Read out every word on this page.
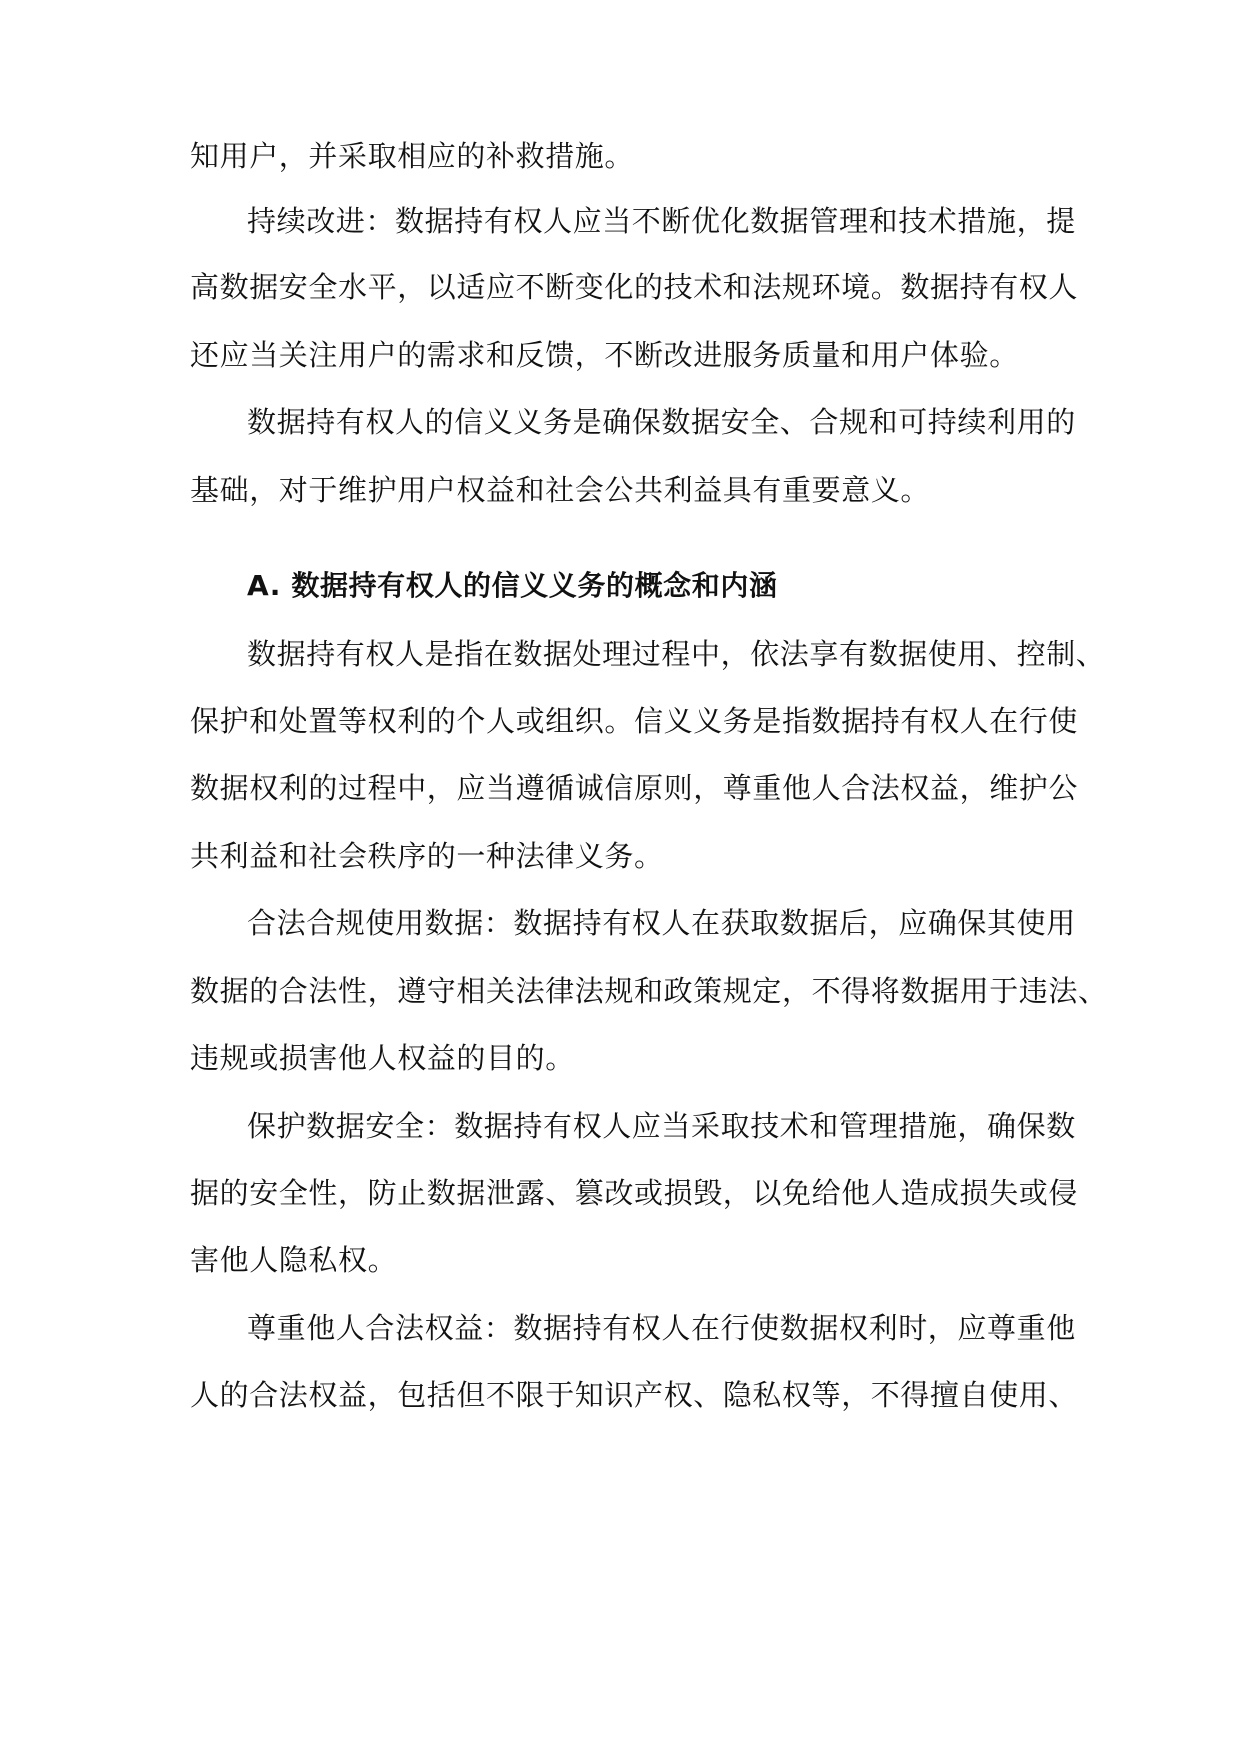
知用户，并采取相应的补救措施。
持续改进：数据持有权人应当不断优化数据管理和技术措施，提
高数据安全水平，以适应不断变化的技术和法规环境。数据持有权人
还应当关注用户的需求和反馈，不断改进服务质量和用户体验。
数据持有权人的信义义务是确保数据安全、合规和可持续利用的
基础，对于维护用户权益和社会公共利益具有重要意义。
A. 数据持有权人的信义义务的概念和内涵
数据持有权人是指在数据处理过程中，依法享有数据使用、控制、
保护和处置等权利的个人或组织。信义义务是指数据持有权人在行使
数据权利的过程中，应当遵循诚信原则，尊重他人合法权益，维护公
共利益和社会秩序的一种法律义务。
合法合规使用数据：数据持有权人在获取数据后，应确保其使用
数据的合法性，遵守相关法律法规和政策规定，不得将数据用于违法、
违规或损害他人权益的目的。
保护数据安全：数据持有权人应当采取技术和管理措施，确保数
据的安全性，防止数据泄露、篡改或损毁，以免给他人造成损失或侵
害他人隐私权。
尊重他人合法权益：数据持有权人在行使数据权利时，应尊重他
人的合法权益，包括但不限于知识产权、隐私权等，不得擅自使用、
